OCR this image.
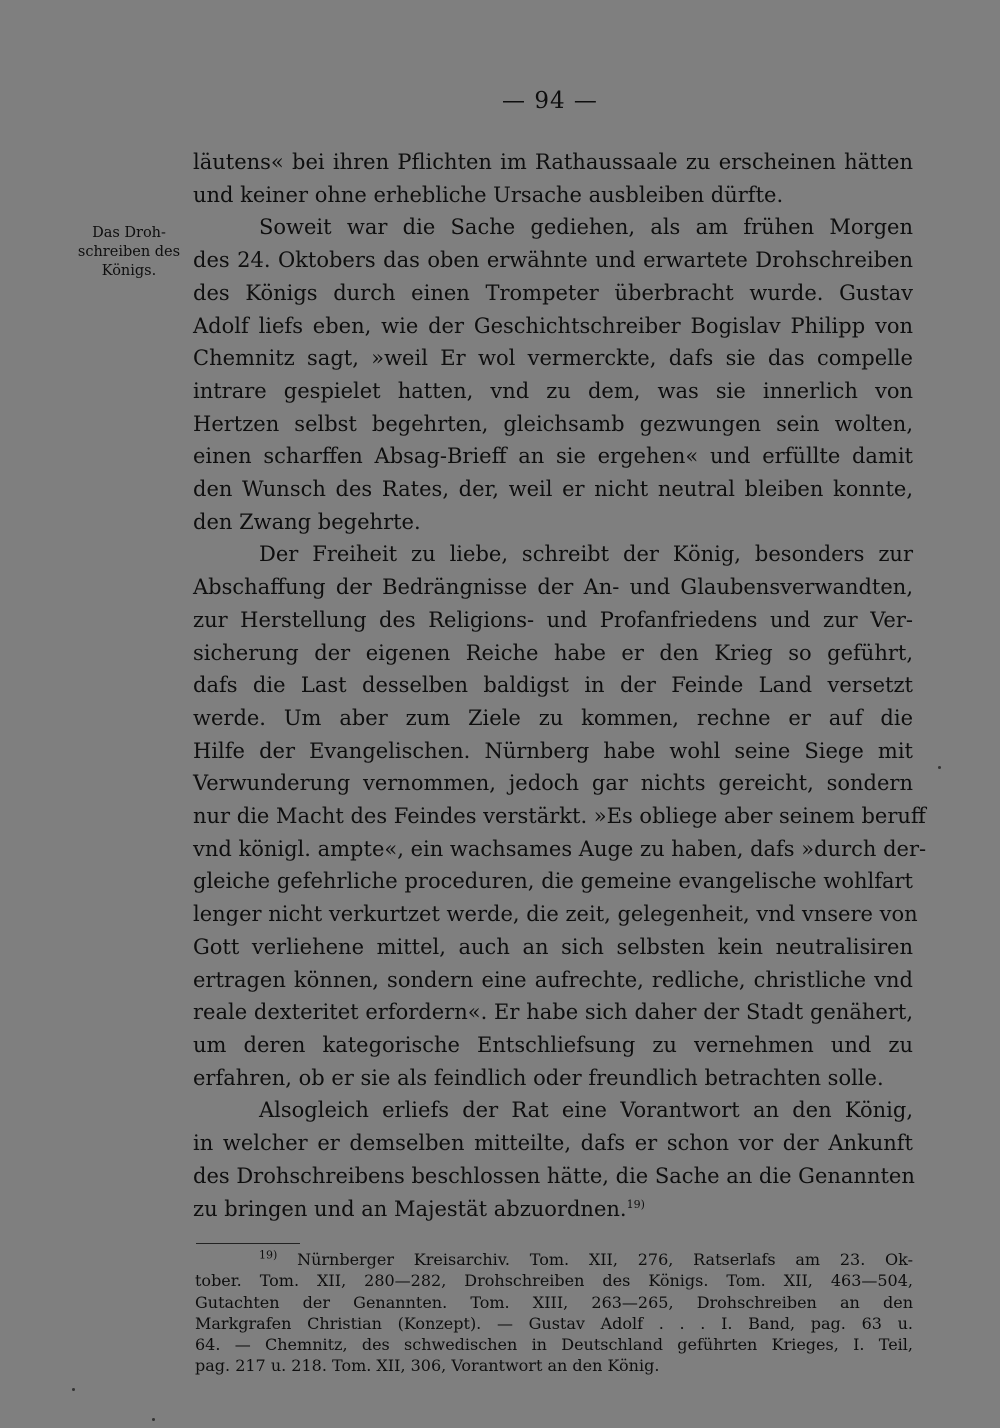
— 94 —
Das Droh-
schreiben des
Königs.
läutens« bei ihren Pflichten im Rathaussaale zu erscheinen hätten
und keiner ohne erhebliche Ursache ausbleiben dürfte.
Soweit war die Sache gediehen, als am frühen Morgen
des 24. Oktobers das oben erwähnte und erwartete Drohschreiben
des Königs durch einen Trompeter überbracht wurde. Gustav
Adolf liefs eben, wie der Geschichtschreiber Bogislav Philipp von
Chemnitz sagt, »weil Er wol vermerckte, dafs sie das compelle
intrare gespielet hatten, vnd zu dem, was sie innerlich von
Hertzen selbst begehrten, gleichsamb gezwungen sein wolten,
einen scharffen Absag-Brieff an sie ergehen« und erfüllte damit
den Wunsch des Rates, der, weil er nicht neutral bleiben konnte,
den Zwang begehrte.
Der Freiheit zu liebe, schreibt der König, besonders zur
Abschaffung der Bedrängnisse der An- und Glaubensverwandten,
zur Herstellung des Religions- und Profanfriedens und zur Ver-
sicherung der eigenen Reiche habe er den Krieg so geführt,
dafs die Last desselben baldigst in der Feinde Land versetzt
werde. Um aber zum Ziele zu kommen, rechne er auf die
Hilfe der Evangelischen. Nürnberg habe wohl seine Siege mit
Verwunderung vernommen, jedoch gar nichts gereicht, sondern
nur die Macht des Feindes verstärkt. »Es obliege aber seinem beruff
vnd königl. ampte«, ein wachsames Auge zu haben, dafs »durch der-
gleiche gefehrliche proceduren, die gemeine evangelische wohlfart
lenger nicht verkurtzet werde, die zeit, gelegenheit, vnd vnsere von
Gott verliehene mittel, auch an sich selbsten kein neutralisiren
ertragen können, sondern eine aufrechte, redliche, christliche vnd
reale dexteritet erfordern«. Er habe sich daher der Stadt genähert,
um deren kategorische Entschliefsung zu vernehmen und zu
erfahren, ob er sie als feindlich oder freundlich betrachten solle.
Alsogleich erliefs der Rat eine Vorantwort an den König,
in welcher er demselben mitteilte, dafs er schon vor der Ankunft
des Drohschreibens beschlossen hätte, die Sache an die Genannten
zu bringen und an Majestät abzuordnen.$^{19)}$
$^{19)}$ Nürnberger Kreisarchiv. Tom. XII, 276, Ratserlafs am 23. Ok-
tober. Tom. XII, 280—282, Drohschreiben des Königs. Tom. XII, 463—504,
Gutachten der Genannten. Tom. XIII, 263—265, Drohschreiben an den
Markgrafen Christian (Konzept). — Gustav Adolf . . . I. Band, pag. 63 u.
64. — Chemnitz, des schwedischen in Deutschland geführten Krieges, I. Teil,
pag. 217 u. 218. Tom. XII, 306, Vorantwort an den König.
